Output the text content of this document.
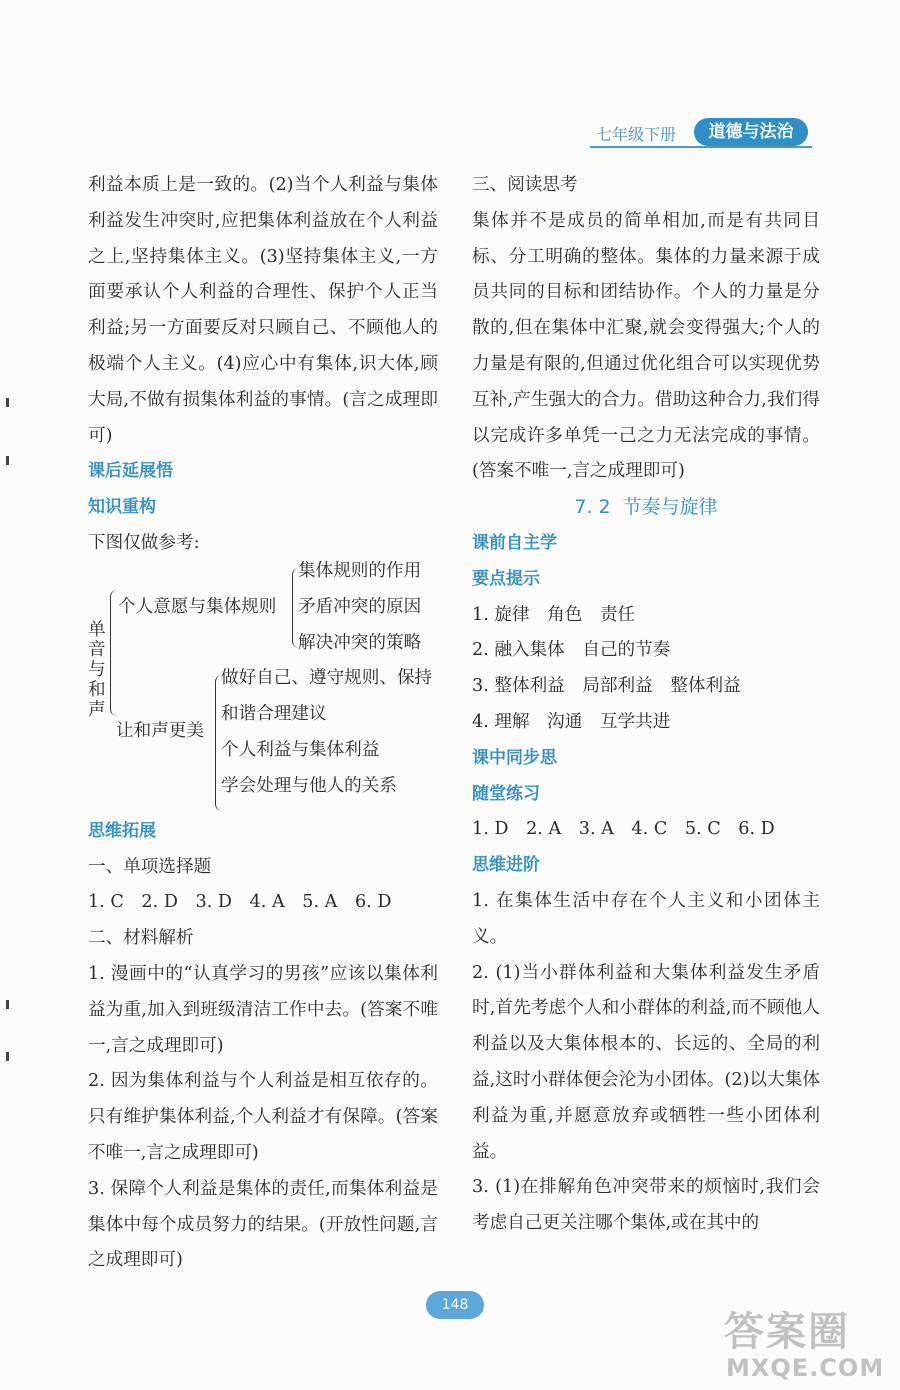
七年级下册	道德与法治

利益本质上是一致的。(2)当个人利益与集体利益发生冲突时,应把集体利益放在个人利益之上,坚持集体主义。(3)坚持集体主义,一方面要承认个人利益的合理性、保护个人正当利益;另一方面要反对只顾自己、不顾他人的极端个人主义。(4)应心中有集体,识大体,顾大局,不做有损集体利益的事情。(言之成理即可)

课后延展悟

知识重构

下图仅做参考:

单音与和声
个人意愿与集体规则
集体规则的作用
矛盾冲突的原因
解决冲突的策略
让和声更美
做好自己、遵守规则、保持
和谐合理建议
个人利益与集体利益
学会处理与他人的关系

思维拓展

一、单项选择题

1. C　2. D　3. D　4. A　5. A　6. D

二、材料解析

1. 漫画中的“认真学习的男孩”应该以集体利益为重,加入到班级清洁工作中去。(答案不唯一,言之成理即可)

2. 因为集体利益与个人利益是相互依存的。只有维护集体利益,个人利益才有保障。(答案不唯一,言之成理即可)

3. 保障个人利益是集体的责任,而集体利益是集体中每个成员努力的结果。(开放性问题,言之成理即可)

三、阅读思考

集体并不是成员的简单相加,而是有共同目标、分工明确的整体。集体的力量来源于成员共同的目标和团结协作。个人的力量是分散的,但在集体中汇聚,就会变得强大;个人的力量是有限的,但通过优化组合可以实现优势互补,产生强大的合力。借助这种合力,我们得以完成许多单凭一己之力无法完成的事情。(答案不唯一,言之成理即可)

7. 2 节奏与旋律

课前自主学

要点提示

1. 旋律　角色　责任

2. 融入集体　自己的节奏

3. 整体利益　局部利益　整体利益

4. 理解　沟通　互学共进

课中同步思

随堂练习

1. D　2. A　3. A　4. C　5. C　6. D

思维进阶

1. 在集体生活中存在个人主义和小团体主义。

2. (1)当小群体利益和大集体利益发生矛盾时,首先考虑个人和小群体的利益,而不顾他人利益以及大集体根本的、长远的、全局的利益,这时小群体便会沦为小团体。(2)以大集体利益为重,并愿意放弃或牺牲一些小团体利益。

3. (1)在排解角色冲突带来的烦恼时,我们会考虑自己更关注哪个集体,或在其中的

148
答案圈
MXQE.COM
